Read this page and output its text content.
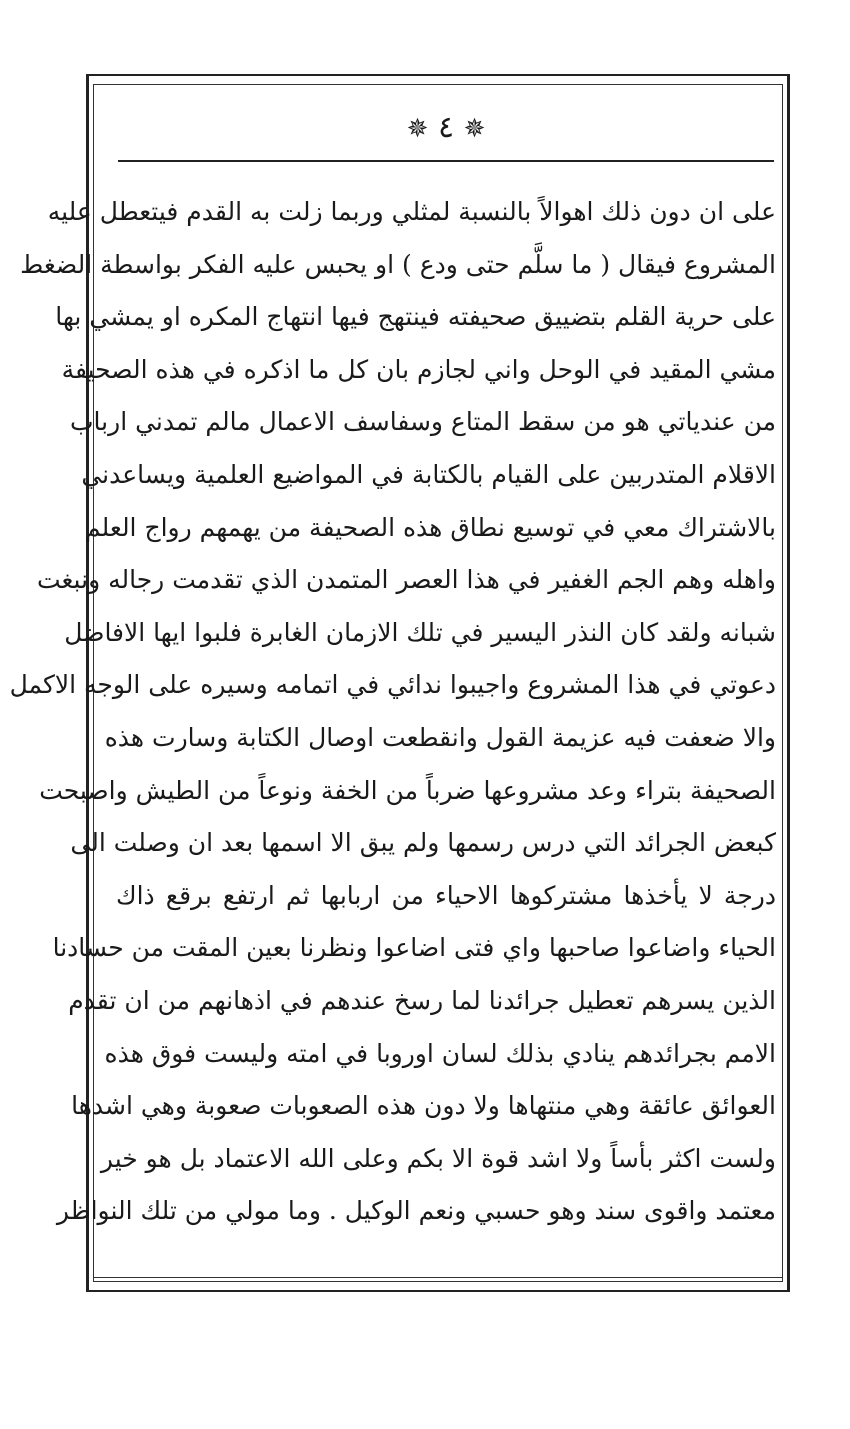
✵ ٤ ✵
على ان دون ذلك اهوالاً بالنسبة لمثلي وربما زلت به القدم فيتعطل عليه
المشروع فيقال ( ما سلَّم حتى ودع ) او يحبس عليه الفكر بواسطة الضغط
على حرية القلم بتضييق صحيفته فينتهج فيها انتهاج المكره او يمشي بها
مشي المقيد في الوحل واني لجازم بان كل ما اذكره في هذه الصحيفة
من عندياتي هو من سقط المتاع وسفاسف الاعمال مالم تمدني ارباب
الاقلام المتدربين على القيام بالكتابة في المواضيع العلمية ويساعدني
بالاشتراك معي في توسيع نطاق هذه الصحيفة من يهمهم رواج العلم
واهله وهم الجم الغفير في هذا العصر المتمدن الذي تقدمت رجاله ونبغت
شبانه ولقد كان النذر اليسير في تلك الازمان الغابرة فلبوا ايها الافاضل
دعوتي في هذا المشروع واجيبوا ندائي في اتمامه وسيره على الوجه الاكمل
والا ضعفت فيه عزيمة القول وانقطعت اوصال الكتابة وسارت هذه
الصحيفة بتراء وعد مشروعها ضرباً من الخفة ونوعاً من الطيش واصبحت
كبعض الجرائد التي درس رسمها ولم يبق الا اسمها بعد ان وصلت الى
درجة لا يأخذها مشتركوها الاحياء من اربابها ثم ارتفع برقع ذاك
الحياء واضاعوا صاحبها واي فتى اضاعوا ونظرنا بعين المقت من حسادنا
الذين يسرهم تعطيل جرائدنا لما رسخ عندهم في اذهانهم من ان تقدم
الامم بجرائدهم ينادي بذلك لسان اوروبا في امته وليست فوق هذه
العوائق عائقة وهي منتهاها ولا دون هذه الصعوبات صعوبة وهي اشدها
ولست اكثر بأساً ولا اشد قوة الا بكم وعلى الله الاعتماد بل هو خير
معتمد واقوى سند وهو حسبي ونعم الوكيل . وما مولي من تلك النواظر
